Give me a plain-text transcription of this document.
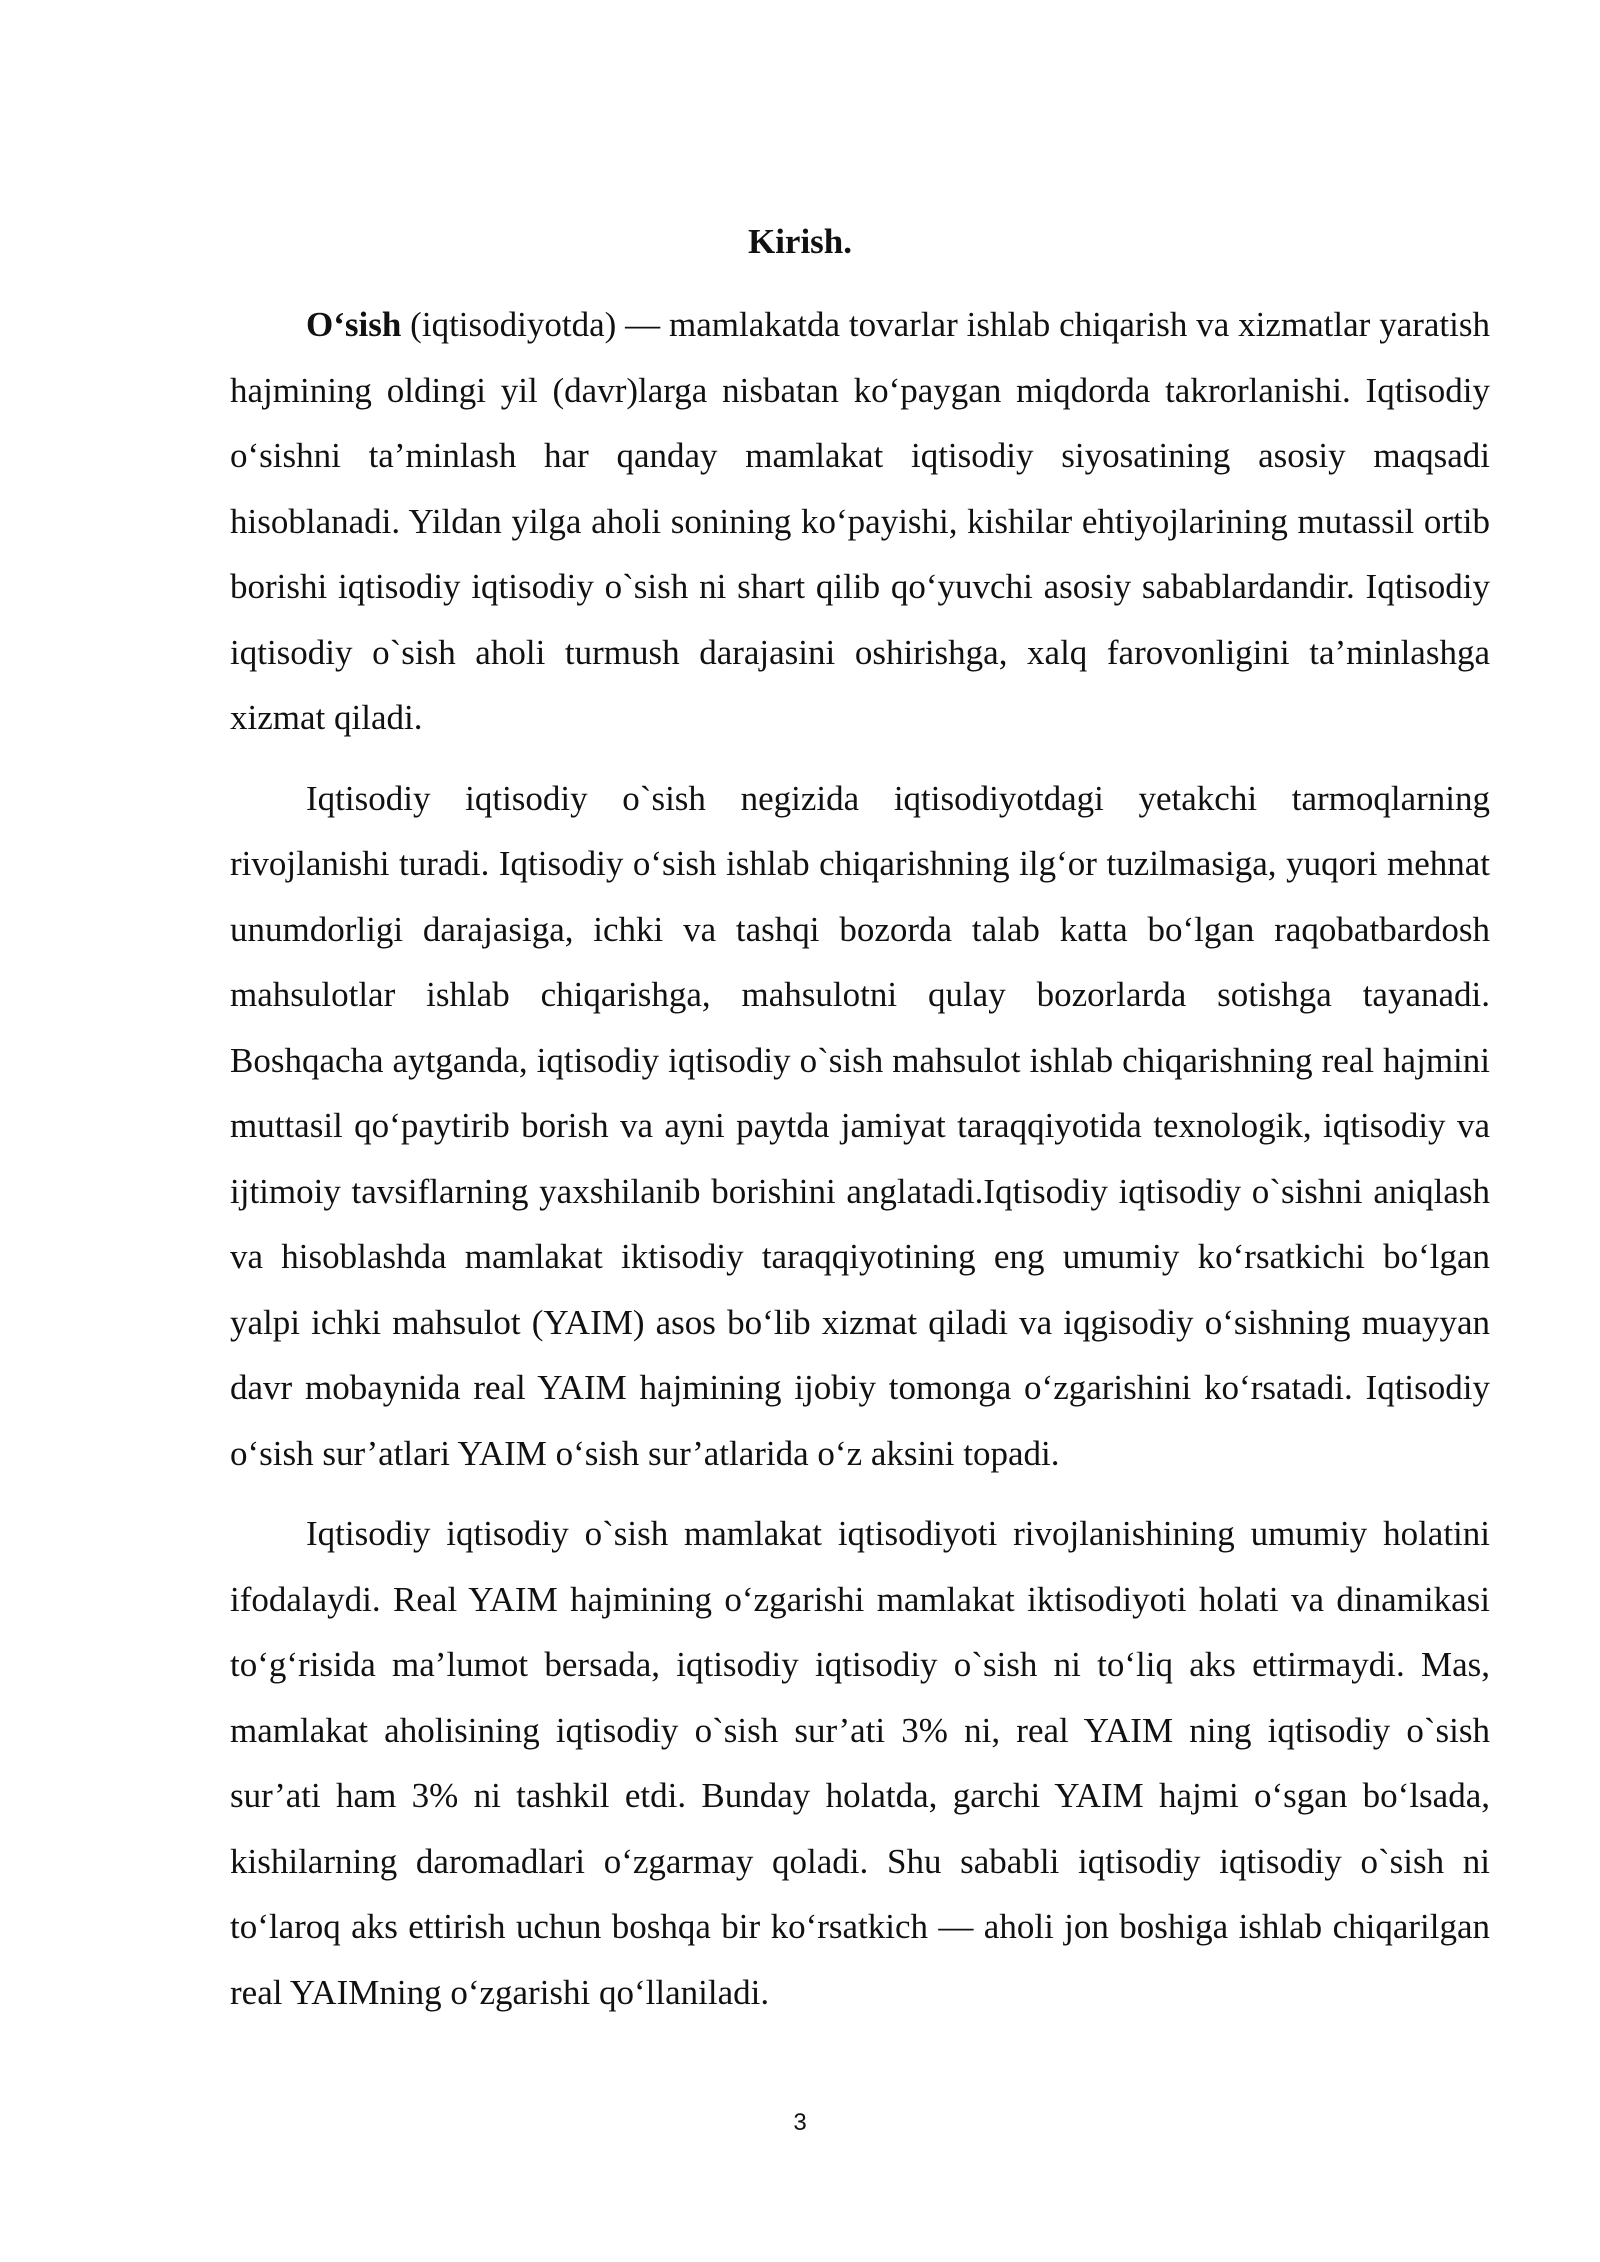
Kirish.

O‘sish (iqtisodiyotda) — mamlakatda tovarlar ishlab chiqarish va xizmatlar yaratish hajmining oldingi yil (davr)larga nisbatan ko‘paygan miqdorda takrorlanishi. Iqtisodiy o‘sishni ta’minlash har qanday mamlakat iqtisodiy siyosatining asosiy maqsadi hisoblanadi. Yildan yilga aholi sonining ko‘payishi, kishilar ehtiyojlarining mutassil ortib borishi iqtisodiy iqtisodiy o`sish ni shart qilib qo‘yuvchi asosiy sabablardandir. Iqtisodiy iqtisodiy o`sish aholi turmush darajasini oshirishga, xalq farovonligini ta’minlashga xizmat qiladi.

Iqtisodiy iqtisodiy o`sish negizida iqtisodiyotdagi yetakchi tarmoqlarning rivojlanishi turadi. Iqtisodiy o‘sish ishlab chiqarishning ilg‘or tuzilmasiga, yuqori mehnat unumdorligi darajasiga, ichki va tashqi bozorda talab katta bo‘lgan raqobatbardosh mahsulotlar ishlab chiqarishga, mahsulotni qulay bozorlarda sotishga tayanadi. Boshqacha aytganda, iqtisodiy iqtisodiy o`sish mahsulot ishlab chiqarishning real hajmini muttasil qo‘paytirib borish va ayni paytda jamiyat taraqqiyotida texnologik, iqtisodiy va ijtimoiy tavsiflarning yaxshilanib borishini anglatadi.Iqtisodiy iqtisodiy o`sishni aniqlash va hisoblashda mamlakat iktisodiy taraqqiyotining eng umumiy ko‘rsatkichi bo‘lgan yalpi ichki mahsulot (YAIM) asos bo‘lib xizmat qiladi va iqgisodiy o‘sishning muayyan davr mobaynida real YAIM hajmining ijobiy tomonga o‘zgarishini ko‘rsatadi. Iqtisodiy o‘sish sur’atlari YAIM o‘sish sur’atlarida o‘z aksini topadi.

Iqtisodiy iqtisodiy o`sish mamlakat iqtisodiyoti rivojlanishining umumiy holatini ifodalaydi. Real YAIM hajmining o‘zgarishi mamlakat iktisodiyoti holati va dinamikasi to‘g‘risida ma’lumot bersada, iqtisodiy iqtisodiy o`sish ni to‘liq aks ettirmaydi. Mas, mamlakat aholisining iqtisodiy o`sish sur’ati 3% ni, real YAIM ning iqtisodiy o`sish sur’ati ham 3% ni tashkil etdi. Bunday holatda, garchi YAIM hajmi o‘sgan bo‘lsada, kishilarning daromadlari o‘zgarmay qoladi. Shu sababli iqtisodiy iqtisodiy o`sish ni to‘laroq aks ettirish uchun boshqa bir ko‘rsatkich — aholi jon boshiga ishlab chiqarilgan real YAIMning o‘zgarishi qo‘llaniladi.

3
